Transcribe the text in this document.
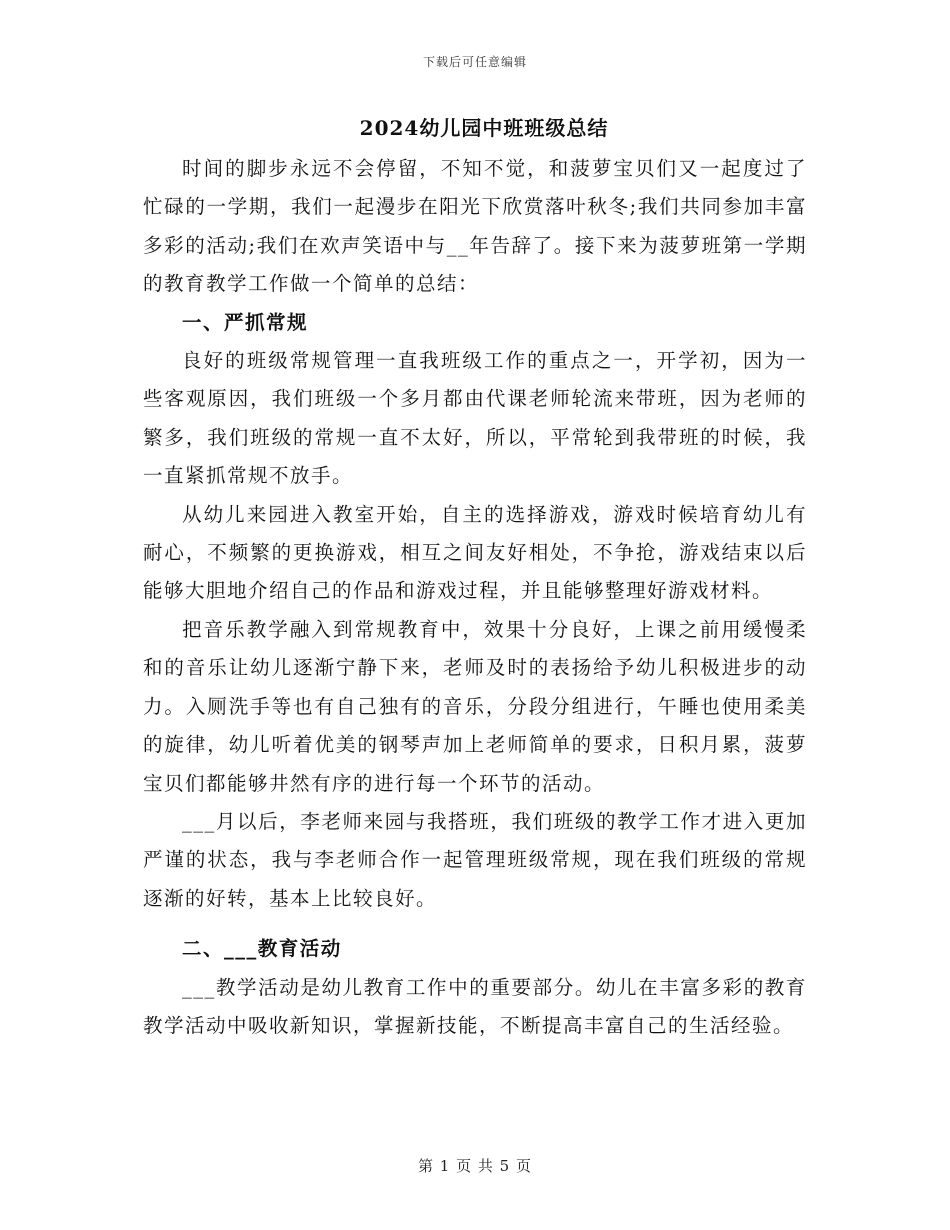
下载后可任意编辑
2024幼儿园中班班级总结

时间的脚步永远不会停留，不知不觉，和菠萝宝贝们又一起度过了忙碌的一学期，我们一起漫步在阳光下欣赏落叶秋冬;我们共同参加丰富多彩的活动;我们在欢声笑语中与__年告辞了。接下来为菠萝班第一学期的教育教学工作做一个简单的总结：

一、严抓常规

良好的班级常规管理一直我班级工作的重点之一，开学初，因为一些客观原因，我们班级一个多月都由代课老师轮流来带班，因为老师的繁多，我们班级的常规一直不太好，所以，平常轮到我带班的时候，我一直紧抓常规不放手。

从幼儿来园进入教室开始，自主的选择游戏，游戏时候培育幼儿有耐心，不频繁的更换游戏，相互之间友好相处，不争抢，游戏结束以后能够大胆地介绍自己的作品和游戏过程，并且能够整理好游戏材料。

把音乐教学融入到常规教育中，效果十分良好，上课之前用缓慢柔和的音乐让幼儿逐渐宁静下来，老师及时的表扬给予幼儿积极进步的动力。入厕洗手等也有自己独有的音乐，分段分组进行，午睡也使用柔美的旋律，幼儿听着优美的钢琴声加上老师简单的要求，日积月累，菠萝宝贝们都能够井然有序的进行每一个环节的活动。

___月以后，李老师来园与我搭班，我们班级的教学工作才进入更加严谨的状态，我与李老师合作一起管理班级常规，现在我们班级的常规逐渐的好转，基本上比较良好。

二、___教育活动

___教学活动是幼儿教育工作中的重要部分。幼儿在丰富多彩的教育教学活动中吸收新知识，掌握新技能，不断提高丰富自己的生活经验。

第 1 页 共 5 页
